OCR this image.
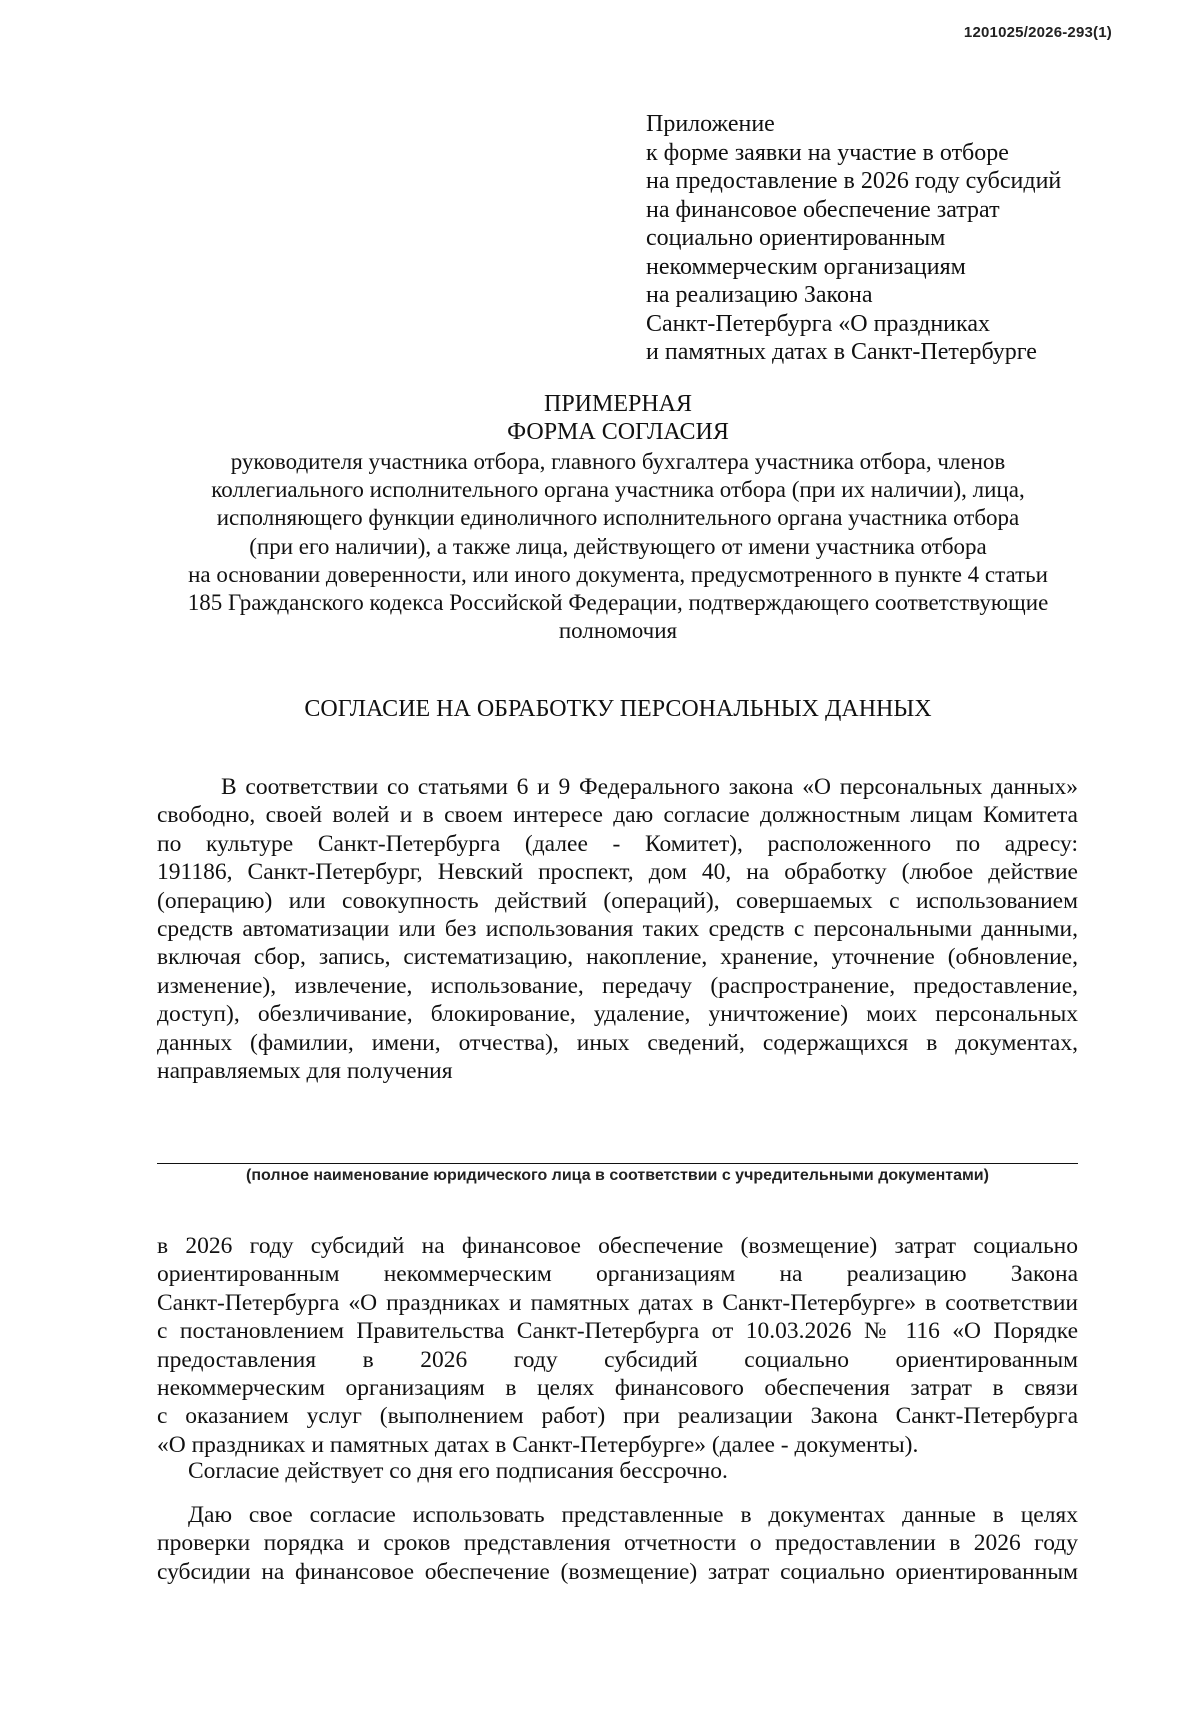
1201025/2026-293(1)
Приложение
к форме заявки на участие в отборе
на предоставление в 2026 году субсидий
на финансовое обеспечение затрат
социально ориентированным
некоммерческим организациям
на реализацию Закона
Санкт-Петербурга «О праздниках
и памятных датах в Санкт-Петербурге
ПРИМЕРНАЯ
ФОРМА СОГЛАСИЯ
руководителя участника отбора, главного бухгалтера участника отбора, членов
коллегиального исполнительного органа участника отбора (при их наличии), лица,
исполняющего функции единоличного исполнительного органа участника отбора
(при его наличии), а также лица, действующего от имени участника отбора
на основании доверенности, или иного документа, предусмотренного в пункте 4 статьи
185 Гражданского кодекса Российской Федерации, подтверждающего соответствующие
полномочия
СОГЛАСИЕ НА ОБРАБОТКУ ПЕРСОНАЛЬНЫХ ДАННЫХ
В соответствии со статьями 6 и 9 Федерального закона «О персональных данных»
свободно, своей волей и в своем интересе даю согласие должностным лицам Комитета
по культуре Санкт-Петербурга (далее - Комитет), расположенного по адресу:
191186, Санкт-Петербург, Невский проспект, дом 40, на обработку (любое действие
(операцию) или совокупность действий (операций), совершаемых с использованием
средств автоматизации или без использования таких средств с персональными данными,
включая сбор, запись, систематизацию, накопление, хранение, уточнение (обновление,
изменение), извлечение, использование, передачу (распространение, предоставление,
доступ), обезличивание, блокирование, удаление, уничтожение) моих персональных
данных (фамилии, имени, отчества), иных сведений, содержащихся в документах,
направляемых для получения
(полное наименование юридического лица в соответствии с учредительными документами)
в 2026 году субсидий на финансовое обеспечение (возмещение) затрат социально
ориентированным некоммерческим организациям на реализацию Закона
Санкт-Петербурга «О праздниках и памятных датах в Санкт-Петербурге» в соответствии
с постановлением Правительства Санкт-Петербурга от 10.03.2026 № 116 «О Порядке
предоставления в 2026 году субсидий социально ориентированным
некоммерческим организациям в целях финансового обеспечения затрат в связи
с оказанием услуг (выполнением работ) при реализации Закона Санкт-Петербурга
«О праздниках и памятных датах в Санкт-Петербурге» (далее - документы).
Согласие действует со дня его подписания бессрочно.
Даю свое согласие использовать представленные в документах данные в целях
проверки порядка и сроков представления отчетности о предоставлении в 2026 году
субсидии на финансовое обеспечение (возмещение) затрат социально ориентированным
